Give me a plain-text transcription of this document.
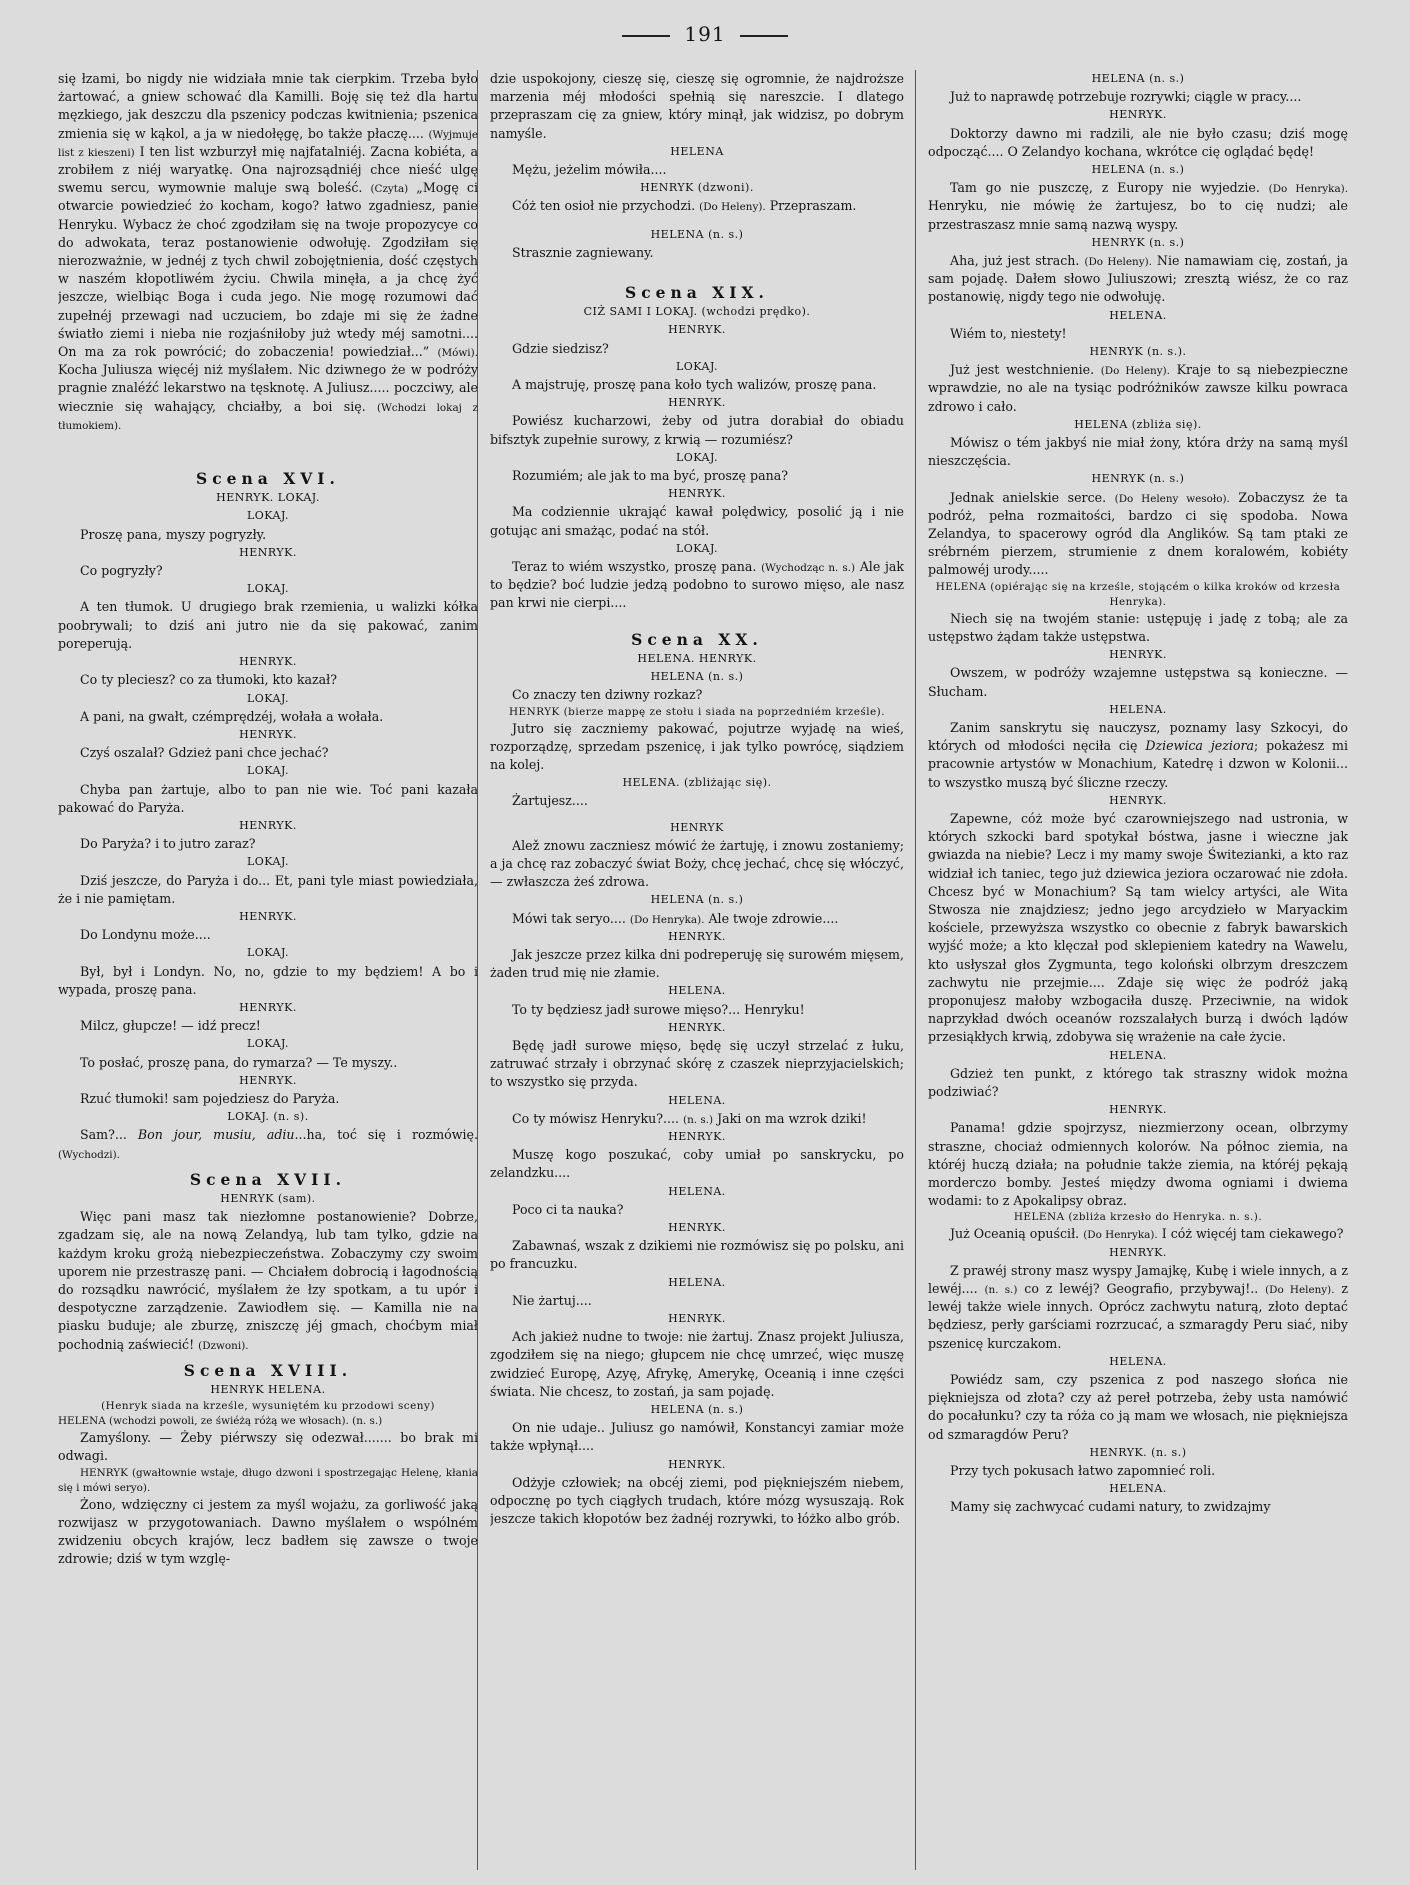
191

się łzami, bo nigdy nie widziała mnie tak cierpkim. Trzeba było żartować, a gniew schować dla Kamilli. Boję się też dla hartu męzkiego, jak deszczu dla pszenicy podczas kwitnienia; pszenica zmienia się w kąkol, a ja w niedołęgę, bo także płaczę.... (Wyjmuje list z kieszeni) I ten list wzburzył mię najfatalniéj. Zacna kobiéta, a zrobiłem z niéj waryatkę. Ona najrozsądniéj chce nieść ulgę swemu sercu, wymownie maluje swą boleść. (Czyta) „Mogę ci otwarcie powiedzieć żo kocham, kogo? łatwo zgadniesz, panie Henryku. Wybacz że choć zgodziłam się na twoje propozycye co do adwokata, teraz postanowienie odwołuję. Zgodziłam się nierozważnie, w jednéj z tych chwil zobojętnienia, dość częstych w naszém kłopotliwém życiu. Chwila minęła, a ja chcę żyć jeszcze, wielbiąc Boga i cuda jego. Nie mogę rozumowi dać zupełnéj przewagi nad uczuciem, bo zdaje mi się że żadne światło ziemi i nieba nie rozjaśniłoby już wtedy méj samotni.... On ma za rok powrócić; do zobaczenia! powiedział...” (Mówi). Kocha Juliusza więcéj niż myślałem. Nic dziwnego że w podróży pragnie znaléźć lekarstwo na tęsknotę. A Juliusz..... poczciwy, ale wiecznie się wahający, chciałby, a boi się. (Wchodzi lokaj z tłumokiem).

Scena XVI.
HENRYK. LOKAJ.
LOKAJ.

Proszę pana, myszy pogryzły.

HENRYK.

Co pogryzły?

LOKAJ.

A ten tłumok. U drugiego brak rzemienia, u walizki kółka poobrywali; to dziś ani jutro nie da się pakować, zanim poreperują.

HENRYK.

Co ty pleciesz? co za tłumoki, kto kazał?

LOKAJ.

A pani, na gwałt, czémprędzéj, wołała a wołała.

HENRYK.

Czyś oszalał? Gdzież pani chce jechać?

LOKAJ.

Chyba pan żartuje, albo to pan nie wie. Toć pani kazała pakować do Paryża.

HENRYK.

Do Paryża? i to jutro zaraz?

LOKAJ.

Dziś jeszcze, do Paryża i do... Et, pani tyle miast powiedziała, że i nie pamiętam.

HENRYK.

Do Londynu może....

LOKAJ.

Był, był i Londyn. No, no, gdzie to my będziem! A bo i wypada, proszę pana.

HENRYK.

Milcz, głupcze! — idź precz!

LOKAJ.

To posłać, proszę pana, do rymarza? — Te myszy..

HENRYK.

Rzuć tłumoki! sam pojedziesz do Paryża.

LOKAJ. (n. s).

Sam?... Bon jour, musiu, adiu...ha, toć się i rozmówię. (Wychodzi).

Scena XVII.
HENRYK (sam).

Więc pani masz tak niezłomne postanowienie? Dobrze, zgadzam się, ale na nową Zelandyą, lub tam tylko, gdzie na każdym kroku grożą niebezpieczeństwa. Zobaczymy czy swoim uporem nie przestraszę pani. — Chciałem dobrocią i łagodnością do rozsądku nawrócić, myślałem że łzy spotkam, a tu upór i despotyczne zarządzenie. Zawiodłem się. — Kamilla nie na piasku buduje; ale zburzę, zniszczę jéj gmach, choćbym miał pochodnią zaświecić! (Dzwoni).

Scena XVIII.
HENRYK HELENA.
(Henryk siada na krześle, wysuniętém ku przodowi sceny)
HELENA (wchodzi powoli, ze świéżą różą we włosach). (n. s.)

Zamyślony. — Żeby piérwszy się odezwał....... bo brak mi odwagi.

HENRYK (gwałtownie wstaje, długo dzwoni i spostrzegając Helenę, kłania się i mówi seryo).

Żono, wdzięczny ci jestem za myśl wojażu, za gorliwość jaką rozwijasz w przygotowaniach. Dawno myślałem o wspólném zwidzeniu obcych krajów, lecz badłem się zawsze o twoje zdrowie; dziś w tym wzglę-

dzie uspokojony, cieszę się, cieszę się ogromnie, że najdroższe marzenia méj młodości spełnią się nareszcie. I dlatego przepraszam cię za gniew, który minął, jak widzisz, po dobrym namyśle.

HELENA

Mężu, jeżelim mówiła....

HENRYK (dzwoni).

Cóż ten osioł nie przychodzi. (Do Heleny). Przepraszam.

HELENA (n. s.)

Strasznie zagniewany.

Scena XIX.
CIŻ SAMI I LOKAJ. (wchodzi prędko).
HENRYK.

Gdzie siedzisz?

LOKAJ.

A majstruję, proszę pana koło tych walizów, proszę pana.

HENRYK.

Powiész kucharzowi, żeby od jutra dorabiał do obiadu bifsztyk zupełnie surowy, z krwią — rozumiész?

LOKAJ.

Rozumiém; ale jak to ma być, proszę pana?

HENRYK.

Ma codziennie ukrająć kawał polędwicy, posolić ją i nie gotując ani smażąc, podać na stół.

LOKAJ.

Teraz to wiém wszystko, proszę pana. (Wychodząc n. s.) Ale jak to będzie? boć ludzie jedzą podobno to surowo mięso, ale nasz pan krwi nie cierpi....

Scena XX.
HELENA. HENRYK.
HELENA (n. s.)

Co znaczy ten dziwny rozkaz?

HENRYK (bierze mappę ze stołu i siada na poprzedniém krześle).

Jutro się zaczniemy pakować, pojutrze wyjadę na wieś, rozporządzę, sprzedam pszenicę, i jak tylko powrócę, siądziem na kolej.

HELENA. (zbliżając się).

Żartujesz....

HENRYK

Alež znowu zaczniesz mówić że żartuję, i znowu zostaniemy; a ja chcę raz zobaczyć świat Boży, chcę jechać, chcę się włóczyć, — zwłaszcza żeś zdrowa.

HELENA (n. s.)

Mówi tak seryo.... (Do Henryka). Ale twoje zdrowie....

HENRYK.

Jak jeszcze przez kilka dni podreperuję się surowém mięsem, żaden trud mię nie złamie.

HELENA.

To ty będziesz jadł surowe mięso?... Henryku!

HENRYK.

Będę jadł surowe mięso, będę się uczył strzelać z łuku, zatruwać strzały i obrzynać skórę z czaszek nieprzyjacielskich; to wszystko się przyda.

HELENA.

Co ty mówisz Henryku?.... (n. s.) Jaki on ma wzrok dziki!

HENRYK.

Muszę kogo poszukać, coby umiał po sanskrycku, po zelandzku....

HELENA.

Poco ci ta nauka?

HENRYK.

Zabawnaś, wszak z dzikiemi nie rozmówisz się po polsku, ani po francuzku.

HELENA.

Nie żartuj....

HENRYK.

Ach jakież nudne to twoje: nie żartuj. Znasz projekt Juliusza, zgodziłem się na niego; głupcem nie chcę umrzeć, więc muszę zwidzieć Europę, Azyę, Afrykę, Amerykę, Oceanią i inne części świata. Nie chcesz, to zostań, ja sam pojadę.

HELENA (n. s.)

On nie udaje.. Juliusz go namówił, Konstancyi zamiar może także wpłynął....

HENRYK.

Odżyje człowiek; na obcéj ziemi, pod piękniejszém niebem, odpocznę po tych ciągłych trudach, które mózg wysuszają. Rok jeszcze takich kłopotów bez żadnéj rozrywki, to łóżko albo grób.

HELENA (n. s.)

Już to naprawdę potrzebuje rozrywki; ciągle w pracy....

HENRYK.

Doktorzy dawno mi radzili, ale nie było czasu; dziś mogę odpocząć.... O Zelandyo kochana, wkrótce cię oglądać będę!

HELENA (n. s.)

Tam go nie puszczę, z Europy nie wyjedzie. (Do Henryka). Henryku, nie mówię że żartujesz, bo to cię nudzi; ale przestraszasz mnie samą nazwą wyspy.

HENRYK (n. s.)

Aha, już jest strach. (Do Heleny). Nie namawiam cię, zostań, ja sam pojadę. Dałem słowo Juliuszowi; zresztą wiész, że co raz postanowię, nigdy tego nie odwołuję.

HELENA.

Wiém to, niestety!

HENRYK (n. s.).

Już jest westchnienie. (Do Heleny). Kraje to są niebezpieczne wprawdzie, no ale na tysiąc podróżników zawsze kilku powraca zdrowo i cało.

HELENA (zbliża się).

Mówisz o tém jakbyś nie miał żony, która drży na samą myśl nieszczęścia.

HENRYK (n. s.)

Jednak anielskie serce. (Do Heleny wesoło). Zobaczysz że ta podróż, pełna rozmaitości, bardzo ci się spodoba. Nowa Zelandya, to spacerowy ogród dla Anglików. Są tam ptaki ze srébrném pierzem, strumienie z dnem koralowém, kobiéty palmowéj urody.....

HELENA (opiérając się na krześle, stojącém o kilka kroków od krzesła Henryka).

Niech się na twojém stanie: ustępuję i jadę z tobą; ale za ustępstwo żądam także ustępstwa.

HENRYK.

Owszem, w podróży wzajemne ustępstwa są konieczne. — Słucham.

HELENA.

Zanim sanskrytu się nauczysz, poznamy lasy Szkocyi, do których od młodości nęciła cię Dziewica jeziora; pokażesz mi pracownie artystów w Monachium, Katedrę i dzwon w Kolonii... to wszystko muszą być śliczne rzeczy.

HENRYK.

Zapewne, cóż może być czarowniejszego nad ustronia, w których szkocki bard spotykał bóstwa, jasne i wieczne jak gwiazda na niebie? Lecz i my mamy swoje Świtezianki, a kto raz widział ich taniec, tego już dziewica jeziora oczarować nie zdoła. Chcesz być w Monachium? Są tam wielcy artyści, ale Wita Stwosza nie znajdziesz; jedno jego arcydzieło w Maryackim kościele, przewyższa wszystko co obecnie z fabryk bawarskich wyjść może; a kto klęczał pod sklepieniem katedry na Wawelu, kto usłyszał głos Zygmunta, tego koloński olbrzym dreszczem zachwytu nie przejmie.... Zdaje się więc że podróż jaką proponujesz małoby wzbogaciła duszę. Przeciwnie, na widok naprzykład dwóch oceanów rozszalałych burzą i dwóch lądów przesiąkłych krwią, zdobywa się wrażenie na całe życie.

HELENA.

Gdzież ten punkt, z którego tak straszny widok można podziwiać?

HENRYK.

Panama! gdzie spojrzysz, niezmierzony ocean, olbrzymy straszne, chociaż odmiennych kolorów. Na północ ziemia, na któréj huczą działa; na południe także ziemia, na któréj pękają morderczo bomby. Jesteś między dwoma ogniami i dwiema wodami: to z Apokalipsy obraz.

HELENA (zbliża krzesło do Henryka. n. s.).

Już Oceanią opuścił. (Do Henryka). I cóż więcéj tam ciekawego?

HENRYK.

Z prawéj strony masz wyspy Jamajkę, Kubę i wiele innych, a z lewéj.... (n. s.) co z lewéj? Geografio, przybywaj!.. (Do Heleny). z lewéj także wiele innych. Oprócz zachwytu naturą, złoto deptać będziesz, perły garściami rozrzucać, a szmaragdy Peru siać, niby pszenicę kurczakom.

HELENA.

Powiédz sam, czy pszenica z pod naszego słońca nie piękniejsza od złota? czy aż pereł potrzeba, żeby usta namówić do pocałunku? czy ta róża co ją mam we włosach, nie piękniejsza od szmaragdów Peru?

HENRYK. (n. s.)

Przy tych pokusach łatwo zapomnieć roli.

HELENA.

Mamy się zachwycać cudami natury, to zwidzajmy
